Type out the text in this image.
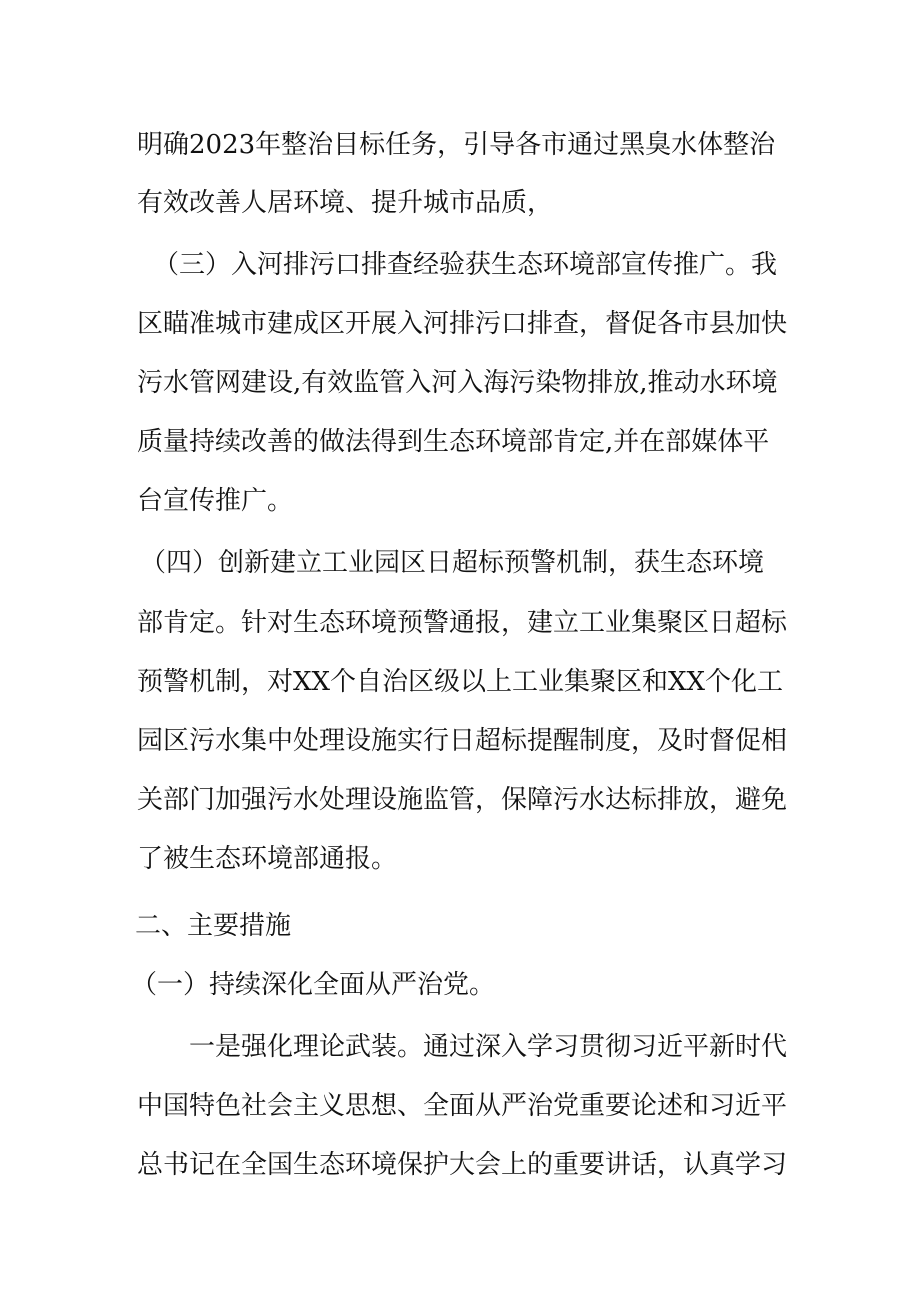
明确2023年整治目标任务，引导各市通过黑臭水体整治
有效改善人居环境、提升城市品质，
（三）入河排污口排查经验获生态环境部宣传推广。我
区瞄准城市建成区开展入河排污口排查，督促各市县加快
污水管网建设,有效监管入河入海污染物排放,推动水环境
质量持续改善的做法得到生态环境部肯定,并在部媒体平
台宣传推广。
（四）创新建立工业园区日超标预警机制，获生态环境
部肯定。针对生态环境预警通报，建立工业集聚区日超标
预警机制，对XX个自治区级以上工业集聚区和XX个化工
园区污水集中处理设施实行日超标提醒制度，及时督促相
关部门加强污水处理设施监管，保障污水达标排放，避免
了被生态环境部通报。
二、主要措施
（一）持续深化全面从严治党。
一是强化理论武装。通过深入学习贯彻习近平新时代
中国特色社会主义思想、全面从严治党重要论述和习近平
总书记在全国生态环境保护大会上的重要讲话，认真学习
